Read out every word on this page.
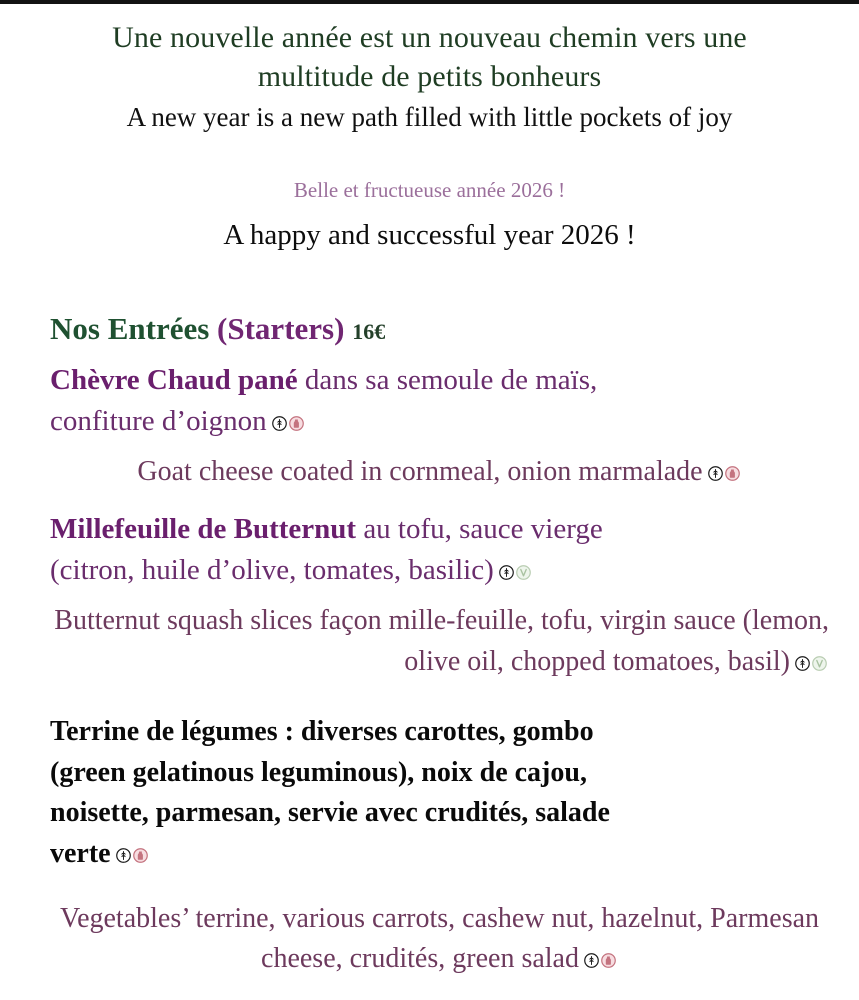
Une nouvelle année est un nouveau chemin vers une
multitude de petits bonheurs
A new year is a new path filled with little pockets of joy
Belle et fructueuse année 2026 !
A happy and successful year 2026 !
Nos Entrées (Starters) 16€
Chèvre Chaud pané dans sa semoule de maïs,
confiture d’oignon
Goat cheese coated in cornmeal, onion marmalade
Millefeuille de Butternut au tofu, sauce vierge
(citron, huile d’olive, tomates, basilic)
Butternut squash slices façon mille-feuille, tofu, virgin sauce (lemon, olive oil, chopped tomatoes, basil)
Terrine de légumes : diverses carottes, gombo
(green gelatinous leguminous), noix de cajou,
noisette, parmesan, servie avec crudités, salade
verte
Vegetables’ terrine, various carrots, cashew nut, hazelnut, Parmesan cheese, crudités, green salad
